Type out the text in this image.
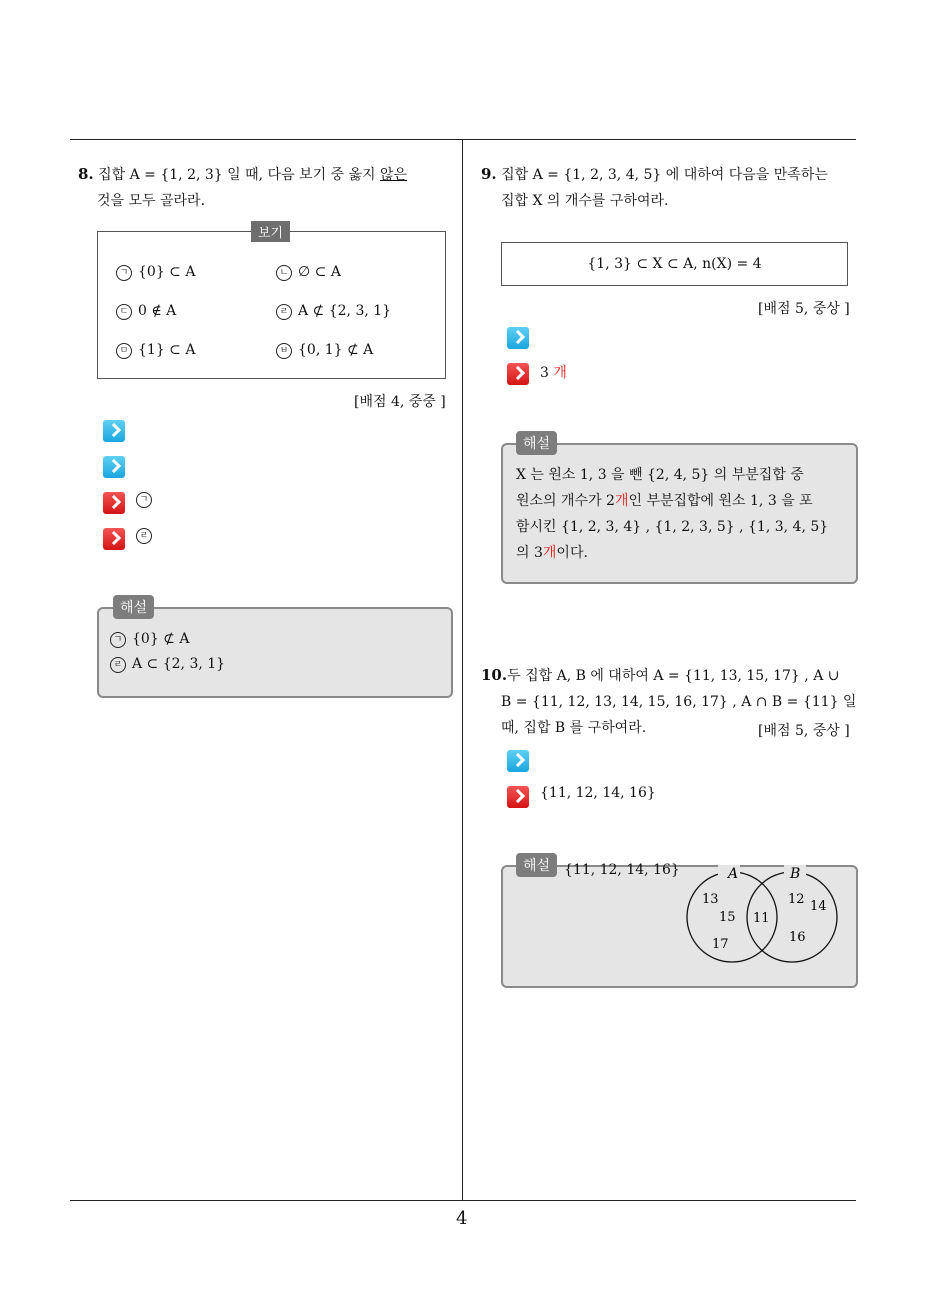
4
8. 집합 A = {1, 2, 3} 일 때, 다음 보기 중 옳지 않은
것을 모두 골라라.
보기
ㄱ {0} ⊂ A	ㄴ ∅ ⊂ A
ㄷ 0 ∉ A	ㄹ A ⊄ {2, 3, 1}
ㅁ {1} ⊂ A	ㅂ {0, 1} ⊄ A
[배점 4, 중중 ]
ㄱ
ㄹ
해설
ㄱ {0} ⊄ A
ㄹ A ⊂ {2, 3, 1}
9. 집합 A = {1, 2, 3, 4, 5} 에 대하여 다음을 만족하는
집합 X 의 개수를 구하여라.
{1, 3} ⊂ X ⊂ A, n(X) = 4
[배점 5, 중상 ]
3 개
해설
X 는 원소 1, 3 을 뺀 {2, 4, 5} 의 부분집합 중
원소의 개수가 2개인 부분집합에 원소 1, 3 을 포
함시킨 {1, 2, 3, 4} , {1, 2, 3, 5} , {1, 3, 4, 5}
의 3개이다.
10.두 집합 A, B 에 대하여 A = {11, 13, 15, 17} , A ∪
B = {11, 12, 13, 14, 15, 16, 17} , A ∩ B = {11} 일
때, 집합 B 를 구하여라.	[배점 5, 중상 ]
{11, 12, 14, 16}
해설 {11, 12, 14, 16}	A	B
13
15
17
11
12 14
16
